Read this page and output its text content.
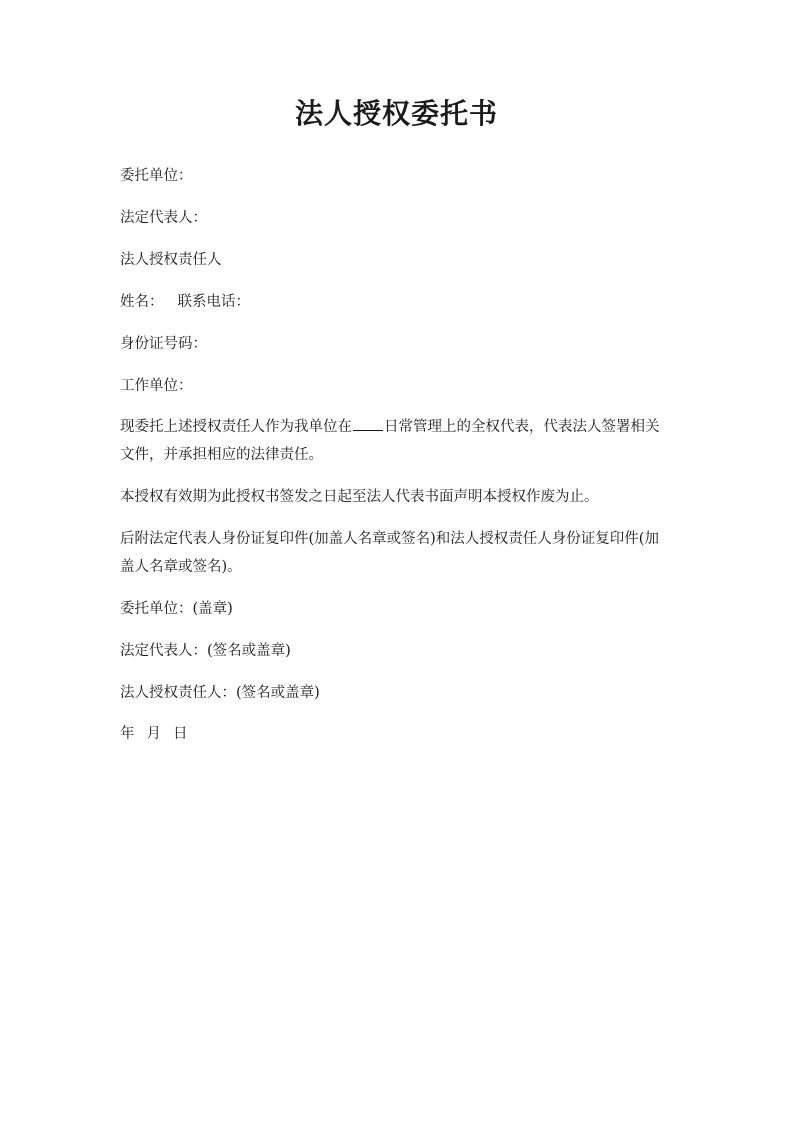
法人授权委托书
委托单位：
法定代表人：
法人授权责任人
姓名： 联系电话：
身份证号码：
工作单位：
现委托上述授权责任人作为我单位在 日常管理上的全权代表，代表法人签署相关
文件，并承担相应的法律责任。
本授权有效期为此授权书签发之日起至法人代表书面声明本授权作废为止。
后附法定代表人身份证复印件(加盖人名章或签名)和法人授权责任人身份证复印件(加
盖人名章或签名)。
委托单位：(盖章)
法定代表人：(签名或盖章)
法人授权责任人：(签名或盖章)
年 月 日
